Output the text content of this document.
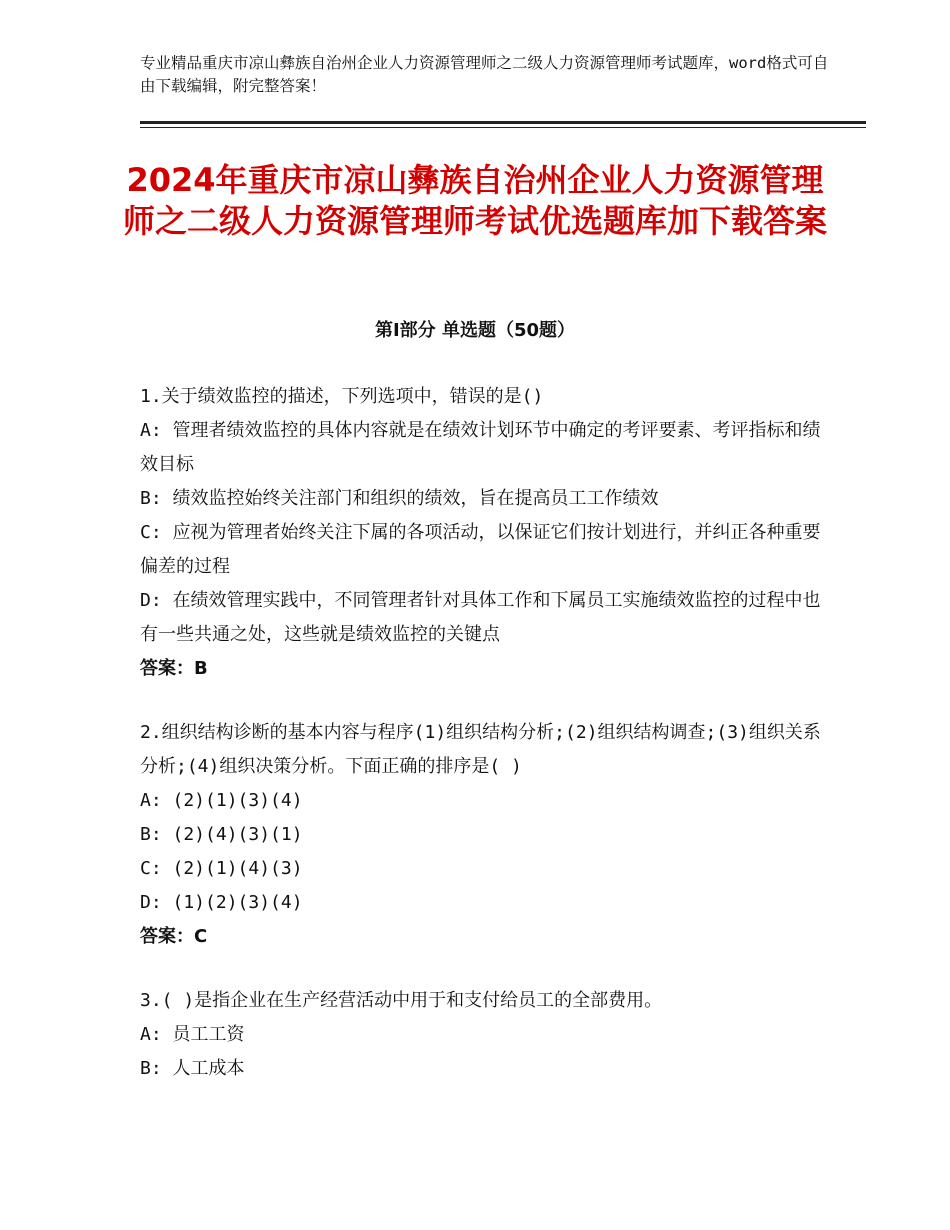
专业精品重庆市凉山彝族自治州企业人力资源管理师之二级人力资源管理师考试题库，word格式可自由下载编辑，附完整答案！
2024年重庆市凉山彝族自治州企业人力资源管理师之二级人力资源管理师考试优选题库加下载答案
第Ⅰ部分 单选题（50题）
1.关于绩效监控的描述，下列选项中，错误的是()
A: 管理者绩效监控的具体内容就是在绩效计划环节中确定的考评要素、考评指标和绩效目标
B: 绩效监控始终关注部门和组织的绩效，旨在提高员工工作绩效
C: 应视为管理者始终关注下属的各项活动，以保证它们按计划进行，并纠正各种重要偏差的过程
D: 在绩效管理实践中，不同管理者针对具体工作和下属员工实施绩效监控的过程中也有一些共通之处，这些就是绩效监控的关键点
答案：B
2.组织结构诊断的基本内容与程序(1)组织结构分析;(2)组织结构调查;(3)组织关系分析;(4)组织决策分析。下面正确的排序是( )
A: (2)(1)(3)(4)
B: (2)(4)(3)(1)
C: (2)(1)(4)(3)
D: (1)(2)(3)(4)
答案：C
3.( )是指企业在生产经营活动中用于和支付给员工的全部费用。
A: 员工工资
B: 人工成本
